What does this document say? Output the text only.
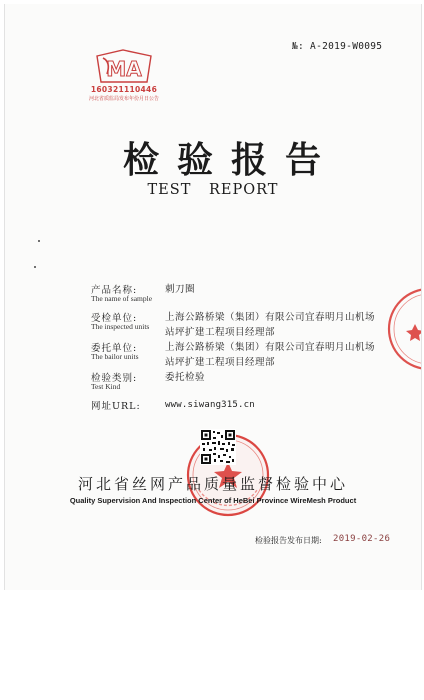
№: A-2019-W0095
MA
160321110446
河北省质监局发布年份月日公告
检验报告
TEST REPORT
产品名称:
The name of sample
刺刀圈
受检单位:
The inspected units
上海公路桥梁（集团）有限公司宜春明月山机场
站坪扩建工程项目经理部
委托单位:
The bailor units
上海公路桥梁（集团）有限公司宜春明月山机场
站坪扩建工程项目经理部
检验类别:
Test Kind
委托检验
网址URL:	www.siwang315.cn
河北省丝网产品质量监督检验中心
Quality Supervision And Inspection Center of HeBei Province WireMesh Product
检验报告发布日期: 2019-02-26
